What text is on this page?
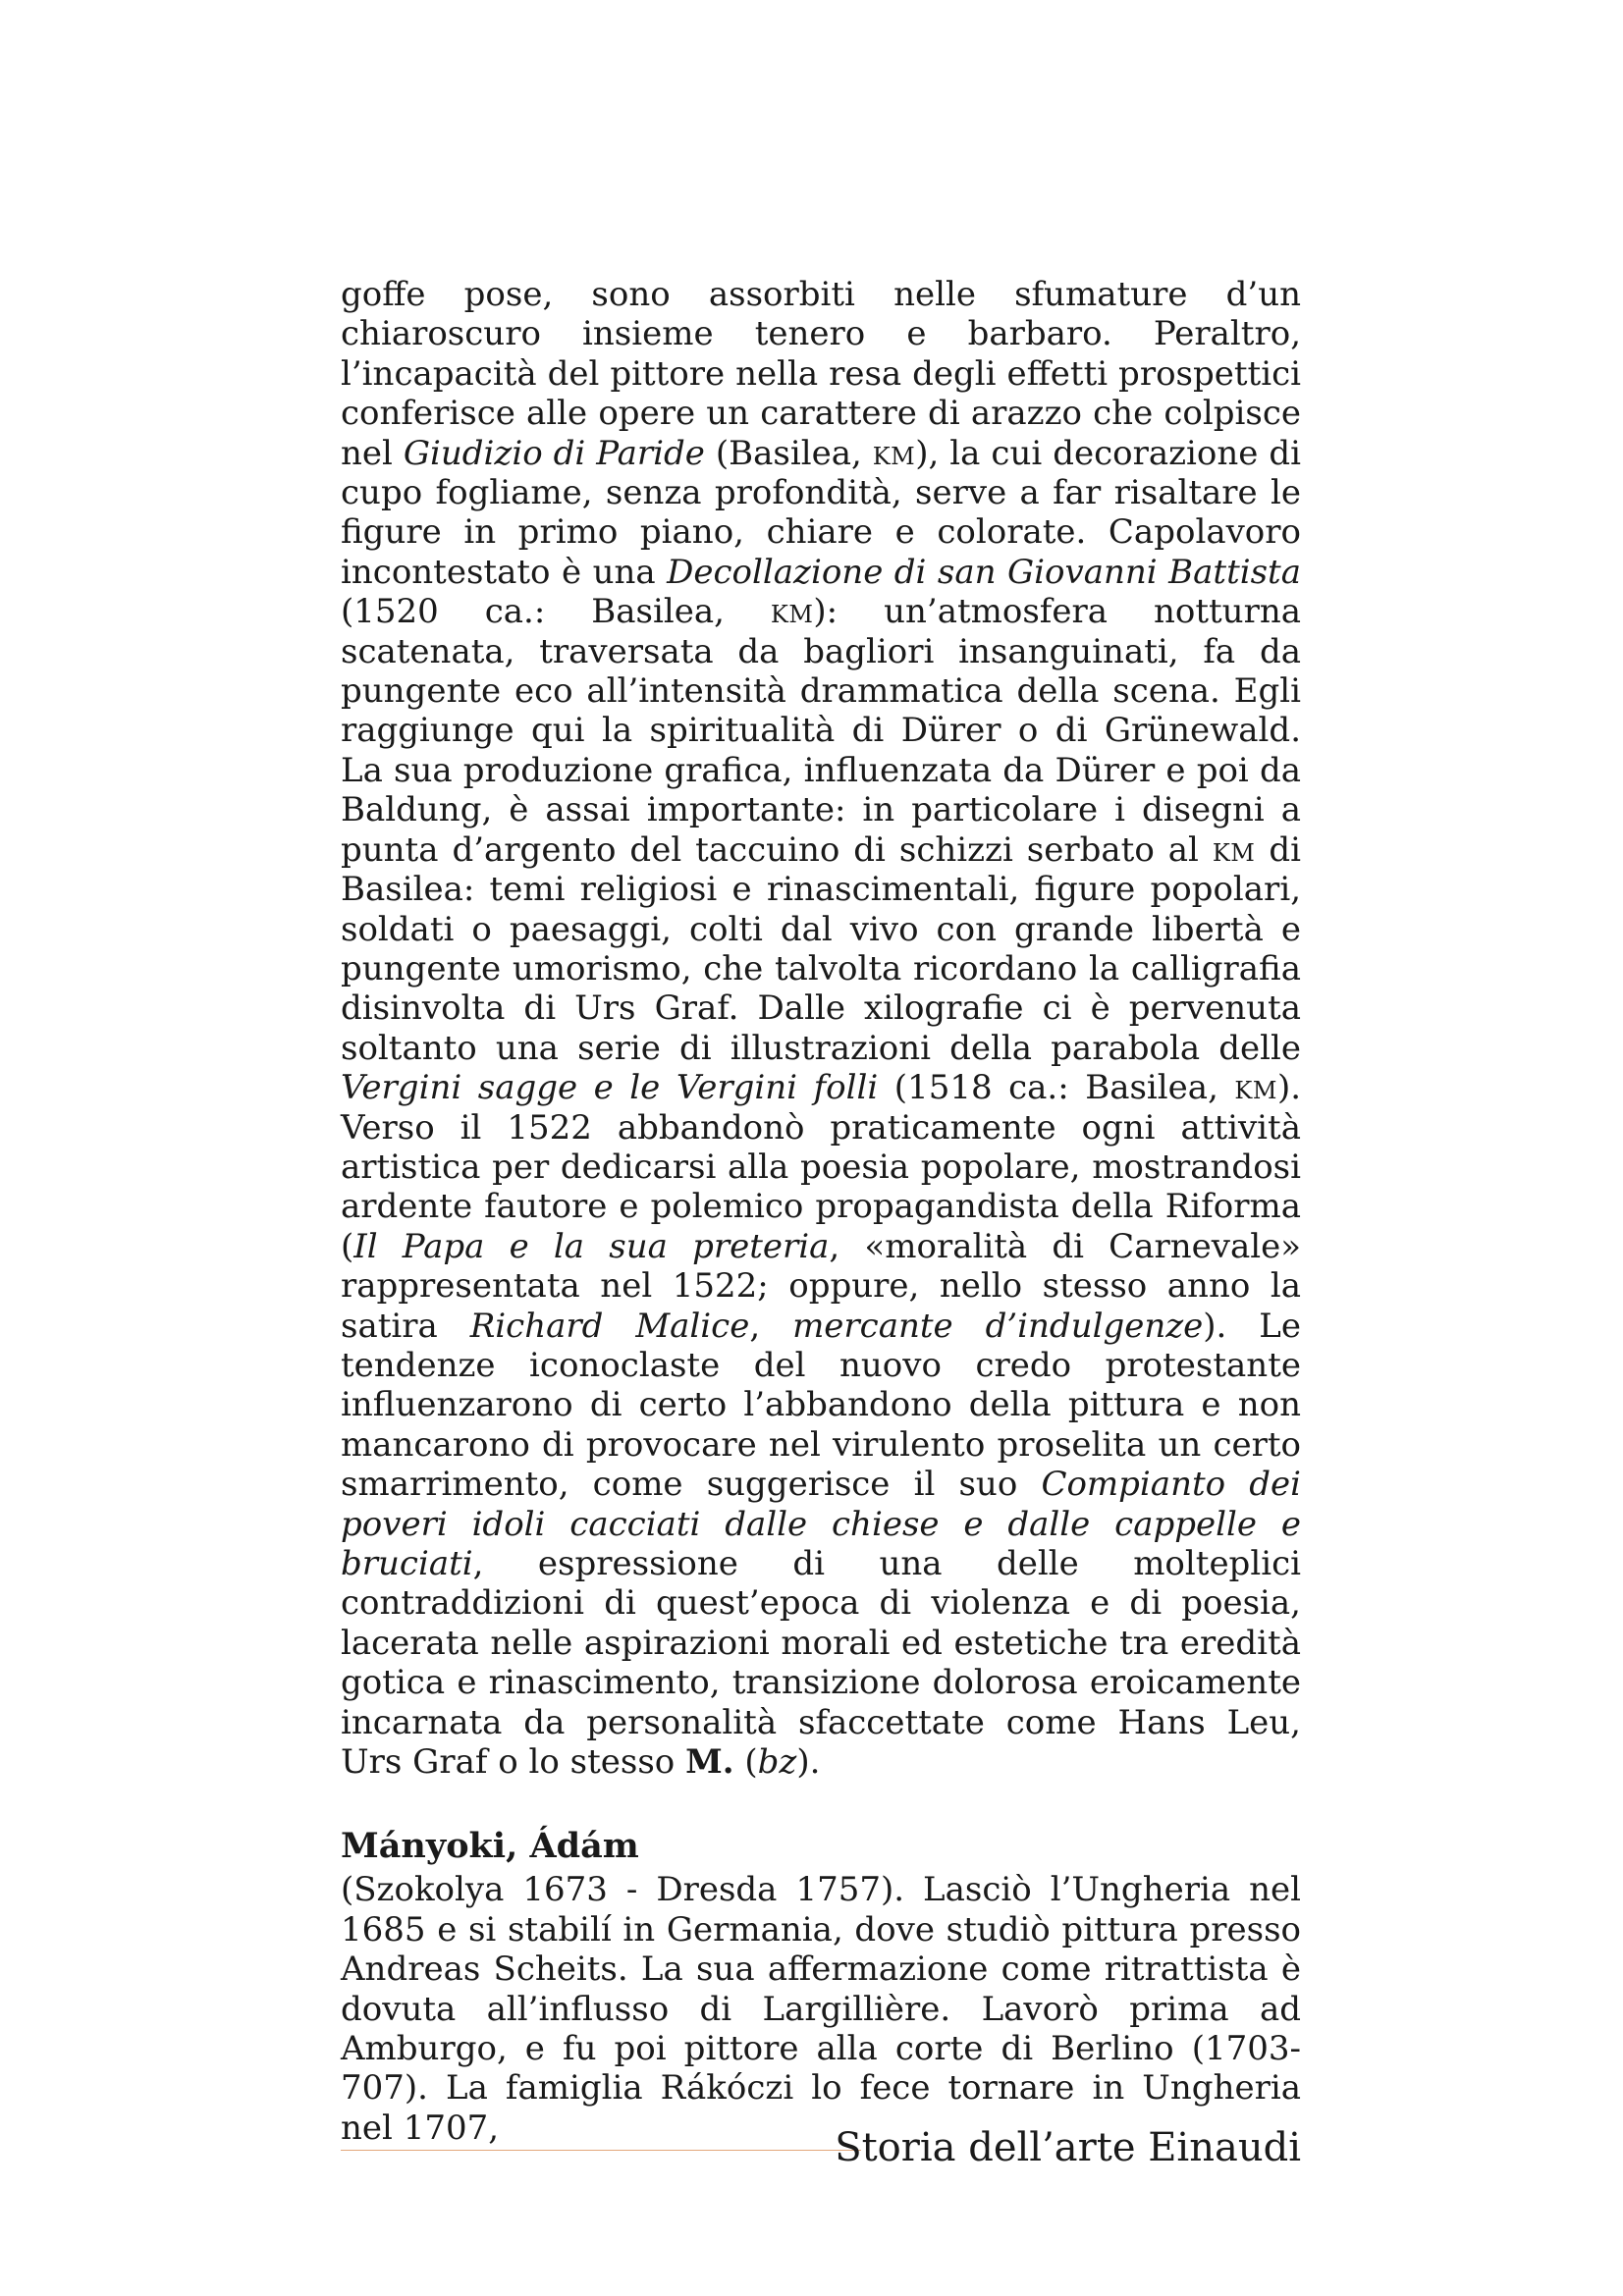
goffe pose, sono assorbiti nelle sfumature d’un chiaroscuro insieme tenero e barbaro. Peraltro, l’incapacità del pittore nella resa degli effetti prospettici conferisce alle opere un carattere di arazzo che colpisce nel Giudizio di Paride (Basilea, km), la cui decorazione di cupo fogliame, senza profondità, serve a far risaltare le figure in primo piano, chiare e colorate. Capolavoro incontestato è una Decollazione di san Giovanni Battista (1520 ca.: Basilea, km): un’atmosfera notturna scatenata, traversata da bagliori insanguinati, fa da pungente eco all’intensità drammatica della scena. Egli raggiunge qui la spiritualità di Dürer o di Grünewald. La sua produzione grafica, influenzata da Dürer e poi da Baldung, è assai importante: in particolare i disegni a punta d’argento del taccuino di schizzi serbato al km di Basilea: temi religiosi e rinascimentali, figure popolari, soldati o paesaggi, colti dal vivo con grande libertà e pungente umorismo, che talvolta ricordano la calligrafia disinvolta di Urs Graf. Dalle xilografie ci è pervenuta soltanto una serie di illustrazioni della parabola delle Vergini sagge e le Vergini folli (1518 ca.: Basilea, km). Verso il 1522 abbandonò praticamente ogni attività artistica per dedicarsi alla poesia popolare, mostrandosi ardente fautore e polemico propagandista della Riforma (Il Papa e la sua preteria, «moralità di Carnevale» rappresentata nel 1522; oppure, nello stesso anno la satira Richard Malice, mercante d’indulgenze). Le tendenze iconoclaste del nuovo credo protestante influenzarono di certo l’abbandono della pittura e non mancarono di provocare nel virulento proselita un certo smarrimento, come suggerisce il suo Compianto dei poveri idoli cacciati dalle chiese e dalle cappelle e bruciati, espressione di una delle molteplici contraddizioni di quest’epoca di violenza e di poesia, lacerata nelle aspirazioni morali ed estetiche tra eredità gotica e rinascimento, transizione dolorosa eroicamente incarnata da personalità sfaccettate come Hans Leu, Urs Graf o lo stesso M. (bz).

Mányoki, Ádám

(Szokolya 1673 - Dresda 1757). Lasciò l’Ungheria nel 1685 e si stabilí in Germania, dove studiò pittura presso Andreas Scheits. La sua affermazione come ritrattista è dovuta all’influsso di Largillière. Lavorò prima ad Amburgo, e fu poi pittore alla corte di Berlino (1703-707). La famiglia Rákóczi lo fece tornare in Ungheria nel 1707,	Storia dell’arte Einaudi
